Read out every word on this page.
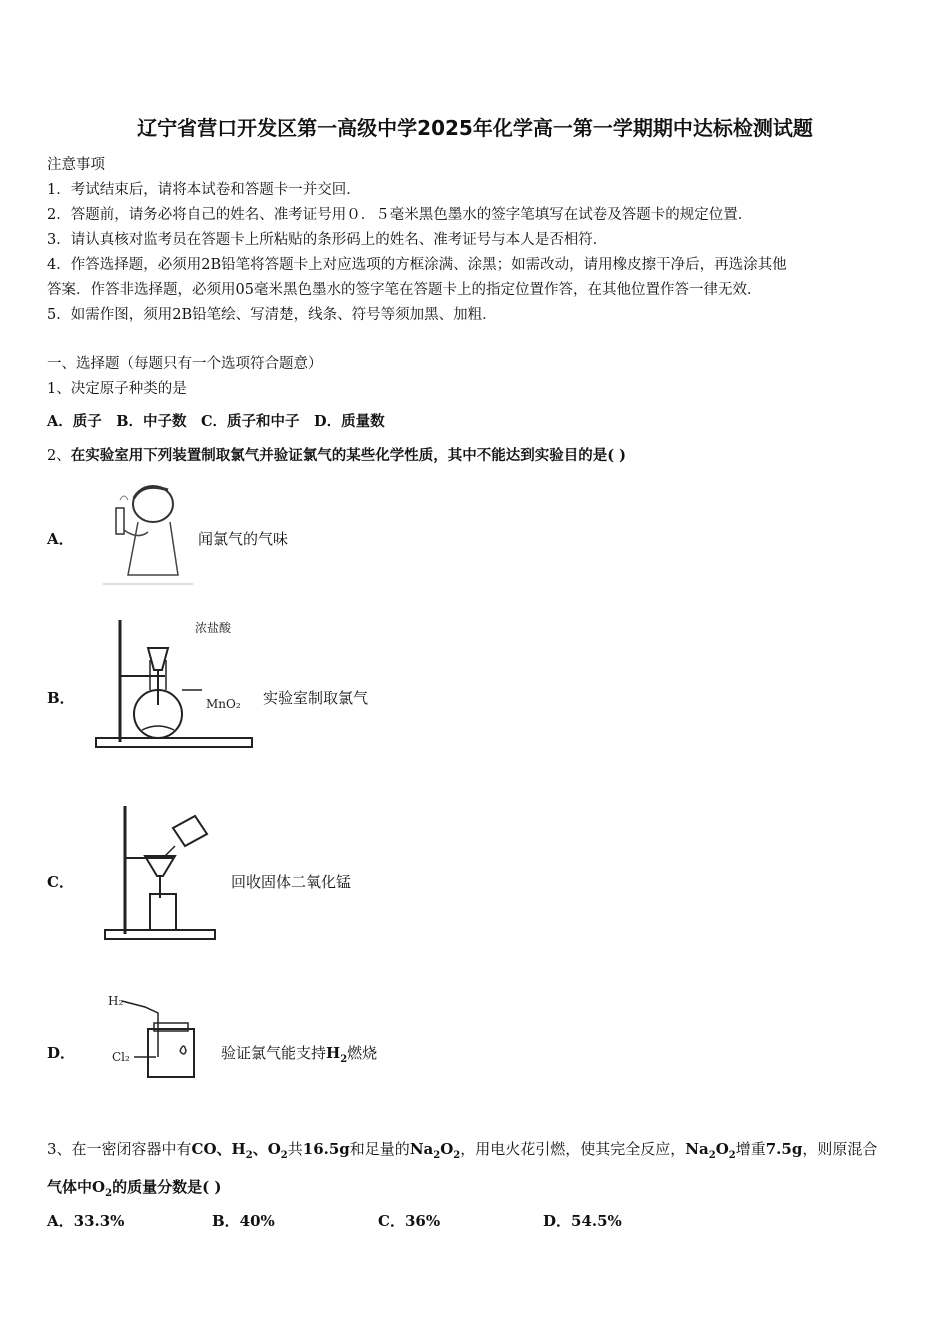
辽宁省营口开发区第一高级中学2025年化学高一第一学期期中达标检测试题
注意事项
1．考试结束后，请将本试卷和答题卡一并交回．
2．答题前，请务必将自己的姓名、准考证号用０．５毫米黑色墨水的签字笔填写在试卷及答题卡的规定位置．
3．请认真核对监考员在答题卡上所粘贴的条形码上的姓名、准考证号与本人是否相符．
4．作答选择题，必须用2B铅笔将答题卡上对应选项的方框涂满、涂黑；如需改动，请用橡皮擦干净后，再选涂其他
答案．作答非选择题，必须用05毫米黑色墨水的签字笔在答题卡上的指定位置作答，在其他位置作答一律无效．
5．如需作图，须用2B铅笔绘、写清楚，线条、符号等须加黑、加粗．
一、选择题（每题只有一个选项符合题意）
1、决定原子种类的是
A．质子　B．中子数　C．质子和中子　D．质量数
2、在实验室用下列装置制取氯气并验证氯气的某些化学性质，其中不能达到实验目的是( )
A．	闻氯气的气味
B．
浓盐酸
MnO₂ 实验室制取氯气
C．	回收固体二氧化锰
D．
H₂
Cl₂	验证氯气能支持$H_2$燃烧
3、在一密闭容器中有CO、$H_2$、$O_2$共16.5g和足量的$Na_2O_2$，用电火花引燃，使其完全反应，$Na_2O_2$增重7.5g，则原混合
气体中$O_2$的质量分数是( )
A．33.3%	B．40%	C．36%	D．54.5%
